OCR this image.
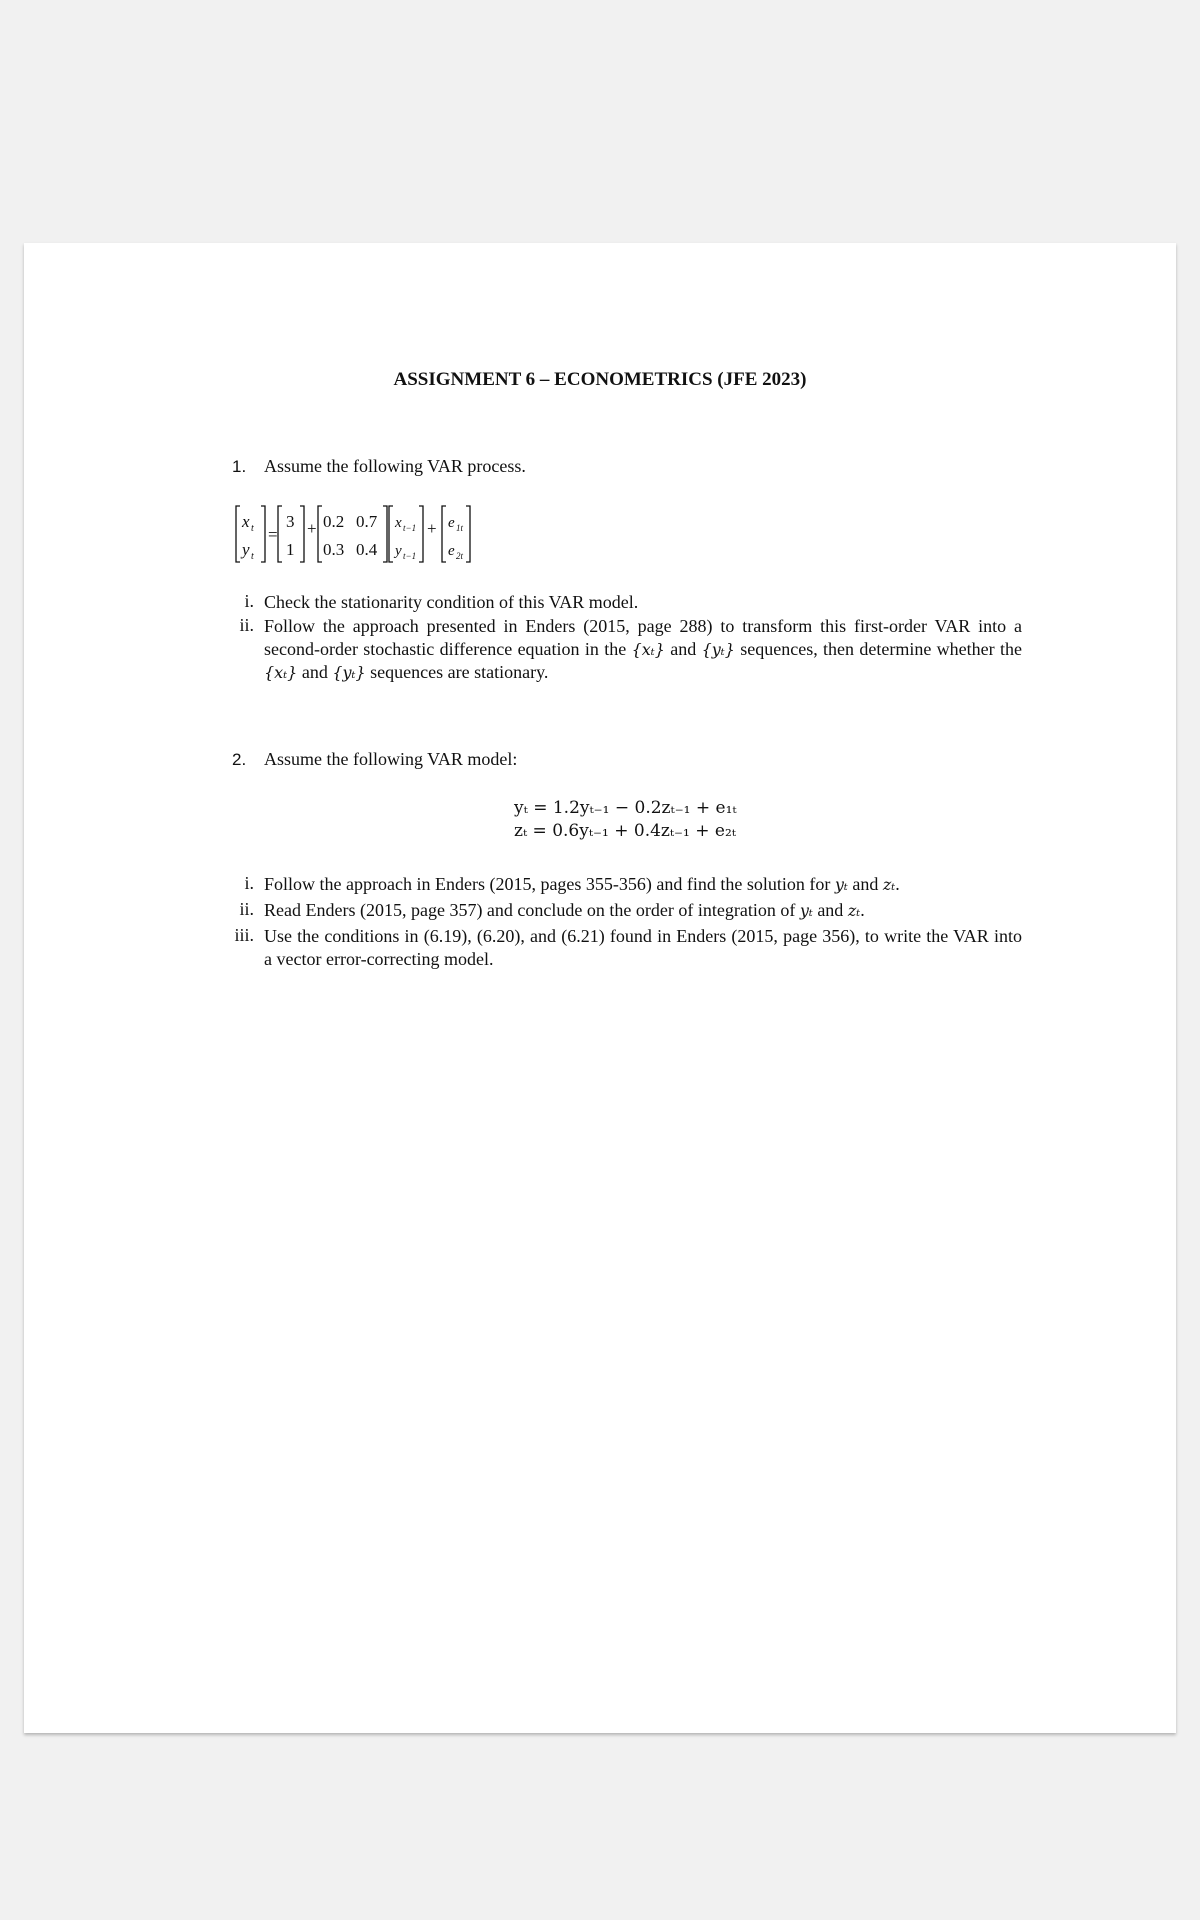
ASSIGNMENT 6 – ECONOMETRICS (JFE 2023)
1. Assume the following VAR process.
x t
y t
=
3
1
+ 0.2 0.7
0.3 0.4
x t−1
y t−1
+ e 1t
e 2t
i. Check the stationarity condition of this VAR model.
ii. Follow the approach presented in Enders (2015, page 288) to transform this first-order VAR into a second-order stochastic difference equation in the {xₜ} and {yₜ} sequences, then determine whether the {xₜ} and {yₜ} sequences are stationary.
2. Assume the following VAR model:
yₜ = 1.2yₜ₋₁ − 0.2zₜ₋₁ + e₁ₜ
zₜ = 0.6yₜ₋₁ + 0.4zₜ₋₁ + e₂ₜ
i. Follow the approach in Enders (2015, pages 355-356) and find the solution for yₜ and zₜ.
ii. Read Enders (2015, page 357) and conclude on the order of integration of yₜ and zₜ.
iii. Use the conditions in (6.19), (6.20), and (6.21) found in Enders (2015, page 356), to write the VAR into a vector error-correcting model.
